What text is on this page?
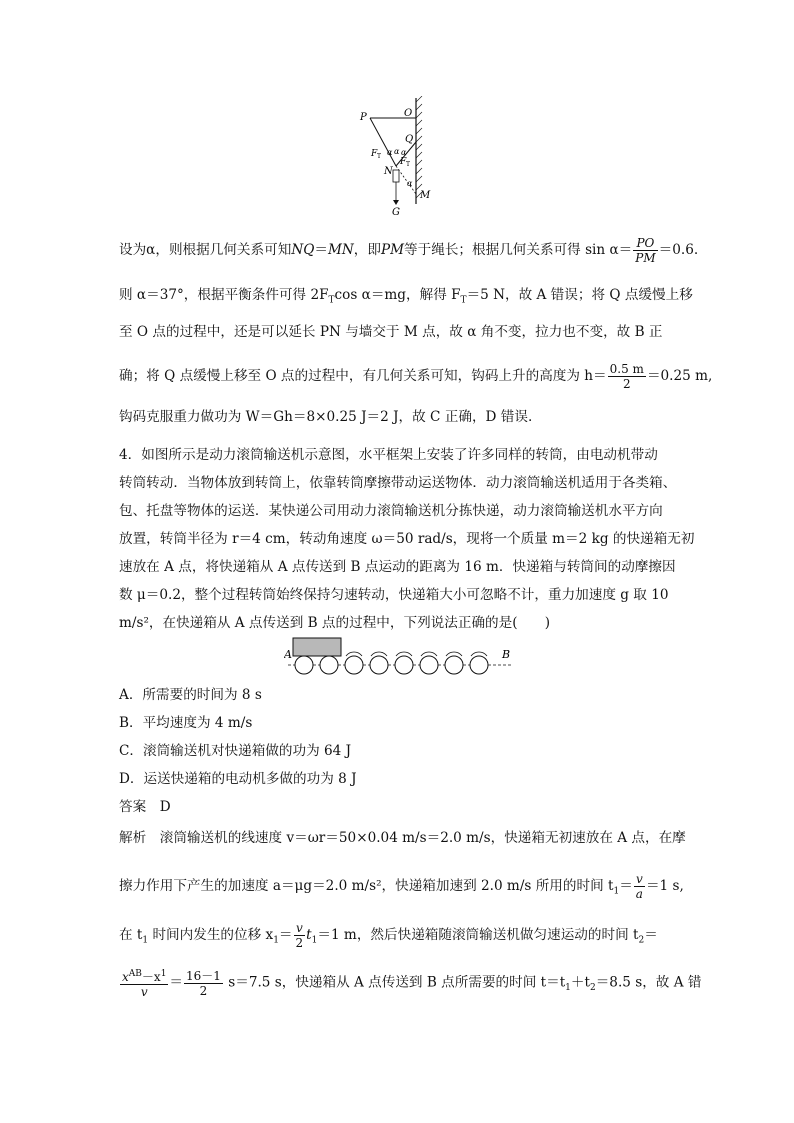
P	O
Q
F T α α α
F T
N
α
M
G
设为α，则根据几何关系可知NQ＝MN，即PM等于绳长；根据几何关系可得 $\sin \alpha= \frac{PO}{PM} =0.6$.
则 α＝37°，根据平衡条件可得 $2F_T\cos$ α＝mg，解得 $F_T=5$ N，故 A 错误；将 Q 点缓慢上移
至 O 点的过程中，还是可以延长 PN 与墙交于 M 点，故 α 角不变，拉力也不变，故 B 正
确；将 Q 点缓慢上移至 O 点的过程中，有几何关系可知，钩码上升的高度为 $h= \frac{0.5 m}{2} =0.25$ m,
钩码克服重力做功为 W＝Gh＝8×0.25 J＝2 J，故 C 正确，D 错误.
4．如图所示是动力滚筒输送机示意图，水平框架上安装了许多同样的转筒，由电动机带动
转筒转动．当物体放到转筒上，依靠转筒摩擦带动运送物体．动力滚筒输送机适用于各类箱、
包、托盘等物体的运送．某快递公司用动力滚筒输送机分拣快递，动力滚筒输送机水平方向
放置，转筒半径为 r＝4 cm，转动角速度 ω＝50 rad/s，现将一个质量 m＝2 kg 的快递箱无初
速放在 A 点，将快递箱从 A 点传送到 B 点运动的距离为 16 m．快递箱与转筒间的动摩擦因
数 μ＝0.2，整个过程转筒始终保持匀速转动，快递箱大小可忽略不计，重力加速度 g 取 10
m/s²，在快递箱从 A 点传送到 B 点的过程中，下列说法正确的是(　　)
A	B
A．所需要的时间为 8 s
B．平均速度为 4 m/s
C．滚筒输送机对快递箱做的功为 64 J
D．运送快递箱的电动机多做的功为 8 J
答案　D
解析　滚筒输送机的线速度 v＝ωr＝50×0.04 m/s＝2.0 m/s，快递箱无初速放在 A 点，在摩
擦力作用下产生的加速度 a＝μg＝2.0 m/s²，快递箱加速到 2.0 m/s 所用的时间 $t_1= \frac{v}{a} =1$ s,
在 $t_1$ 时间内发生的位移 $x_1= \frac{v}{2} t_1=1$ m，然后快递箱随滚筒输送机做匀速运动的时间 $t_2=$
$\frac{x^{AB}-x^1}{v} = \frac{16-1}{2} s=7.5$ s，快递箱从 A 点传送到 B 点所需要的时间 $t=t_1+t_2=8.5$ s，故 A 错
